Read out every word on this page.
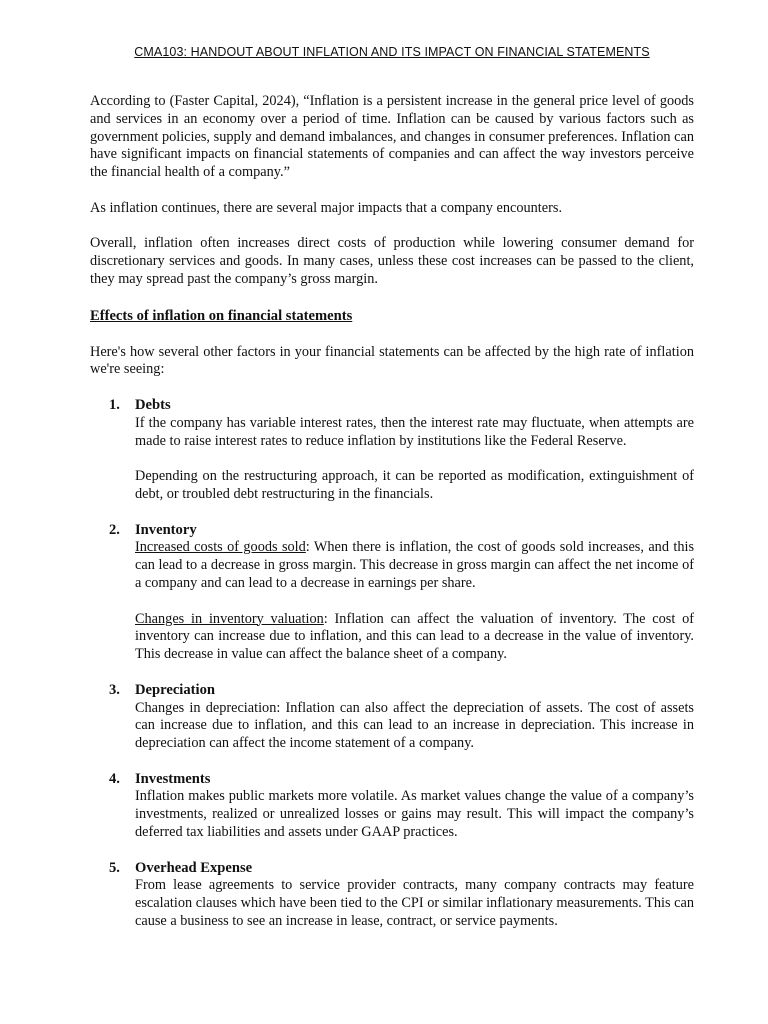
CMA103: HANDOUT ABOUT INFLATION AND ITS IMPACT ON FINANCIAL STATEMENTS

According to (Faster Capital, 2024), “Inflation is a persistent increase in the general price level of goods and services in an economy over a period of time. Inflation can be caused by various factors such as government policies, supply and demand imbalances, and changes in consumer preferences. Inflation can have significant impacts on financial statements of companies and can affect the way investors perceive the financial health of a company.”

As inflation continues, there are several major impacts that a company encounters.

Overall, inflation often increases direct costs of production while lowering consumer demand for discretionary services and goods. In many cases, unless these cost increases can be passed to the client, they may spread past the company’s gross margin.

Effects of inflation on financial statements

Here's how several other factors in your financial statements can be affected by the high rate of inflation we're seeing:

1. Debts

If the company has variable interest rates, then the interest rate may fluctuate, when attempts are made to raise interest rates to reduce inflation by institutions like the Federal Reserve.

Depending on the restructuring approach, it can be reported as modification, extinguishment of debt, or troubled debt restructuring in the financials.

2. Inventory

Increased costs of goods sold: When there is inflation, the cost of goods sold increases, and this can lead to a decrease in gross margin. This decrease in gross margin can affect the net income of a company and can lead to a decrease in earnings per share.

Changes in inventory valuation: Inflation can affect the valuation of inventory. The cost of inventory can increase due to inflation, and this can lead to a decrease in the value of inventory. This decrease in value can affect the balance sheet of a company.

3. Depreciation

Changes in depreciation: Inflation can also affect the depreciation of assets. The cost of assets can increase due to inflation, and this can lead to an increase in depreciation. This increase in depreciation can affect the income statement of a company.

4. Investments

Inflation makes public markets more volatile. As market values change the value of a company’s investments, realized or unrealized losses or gains may result. This will impact the company’s deferred tax liabilities and assets under GAAP practices.

5. Overhead Expense

From lease agreements to service provider contracts, many company contracts may feature escalation clauses which have been tied to the CPI or similar inflationary measurements. This can cause a business to see an increase in lease, contract, or service payments.
